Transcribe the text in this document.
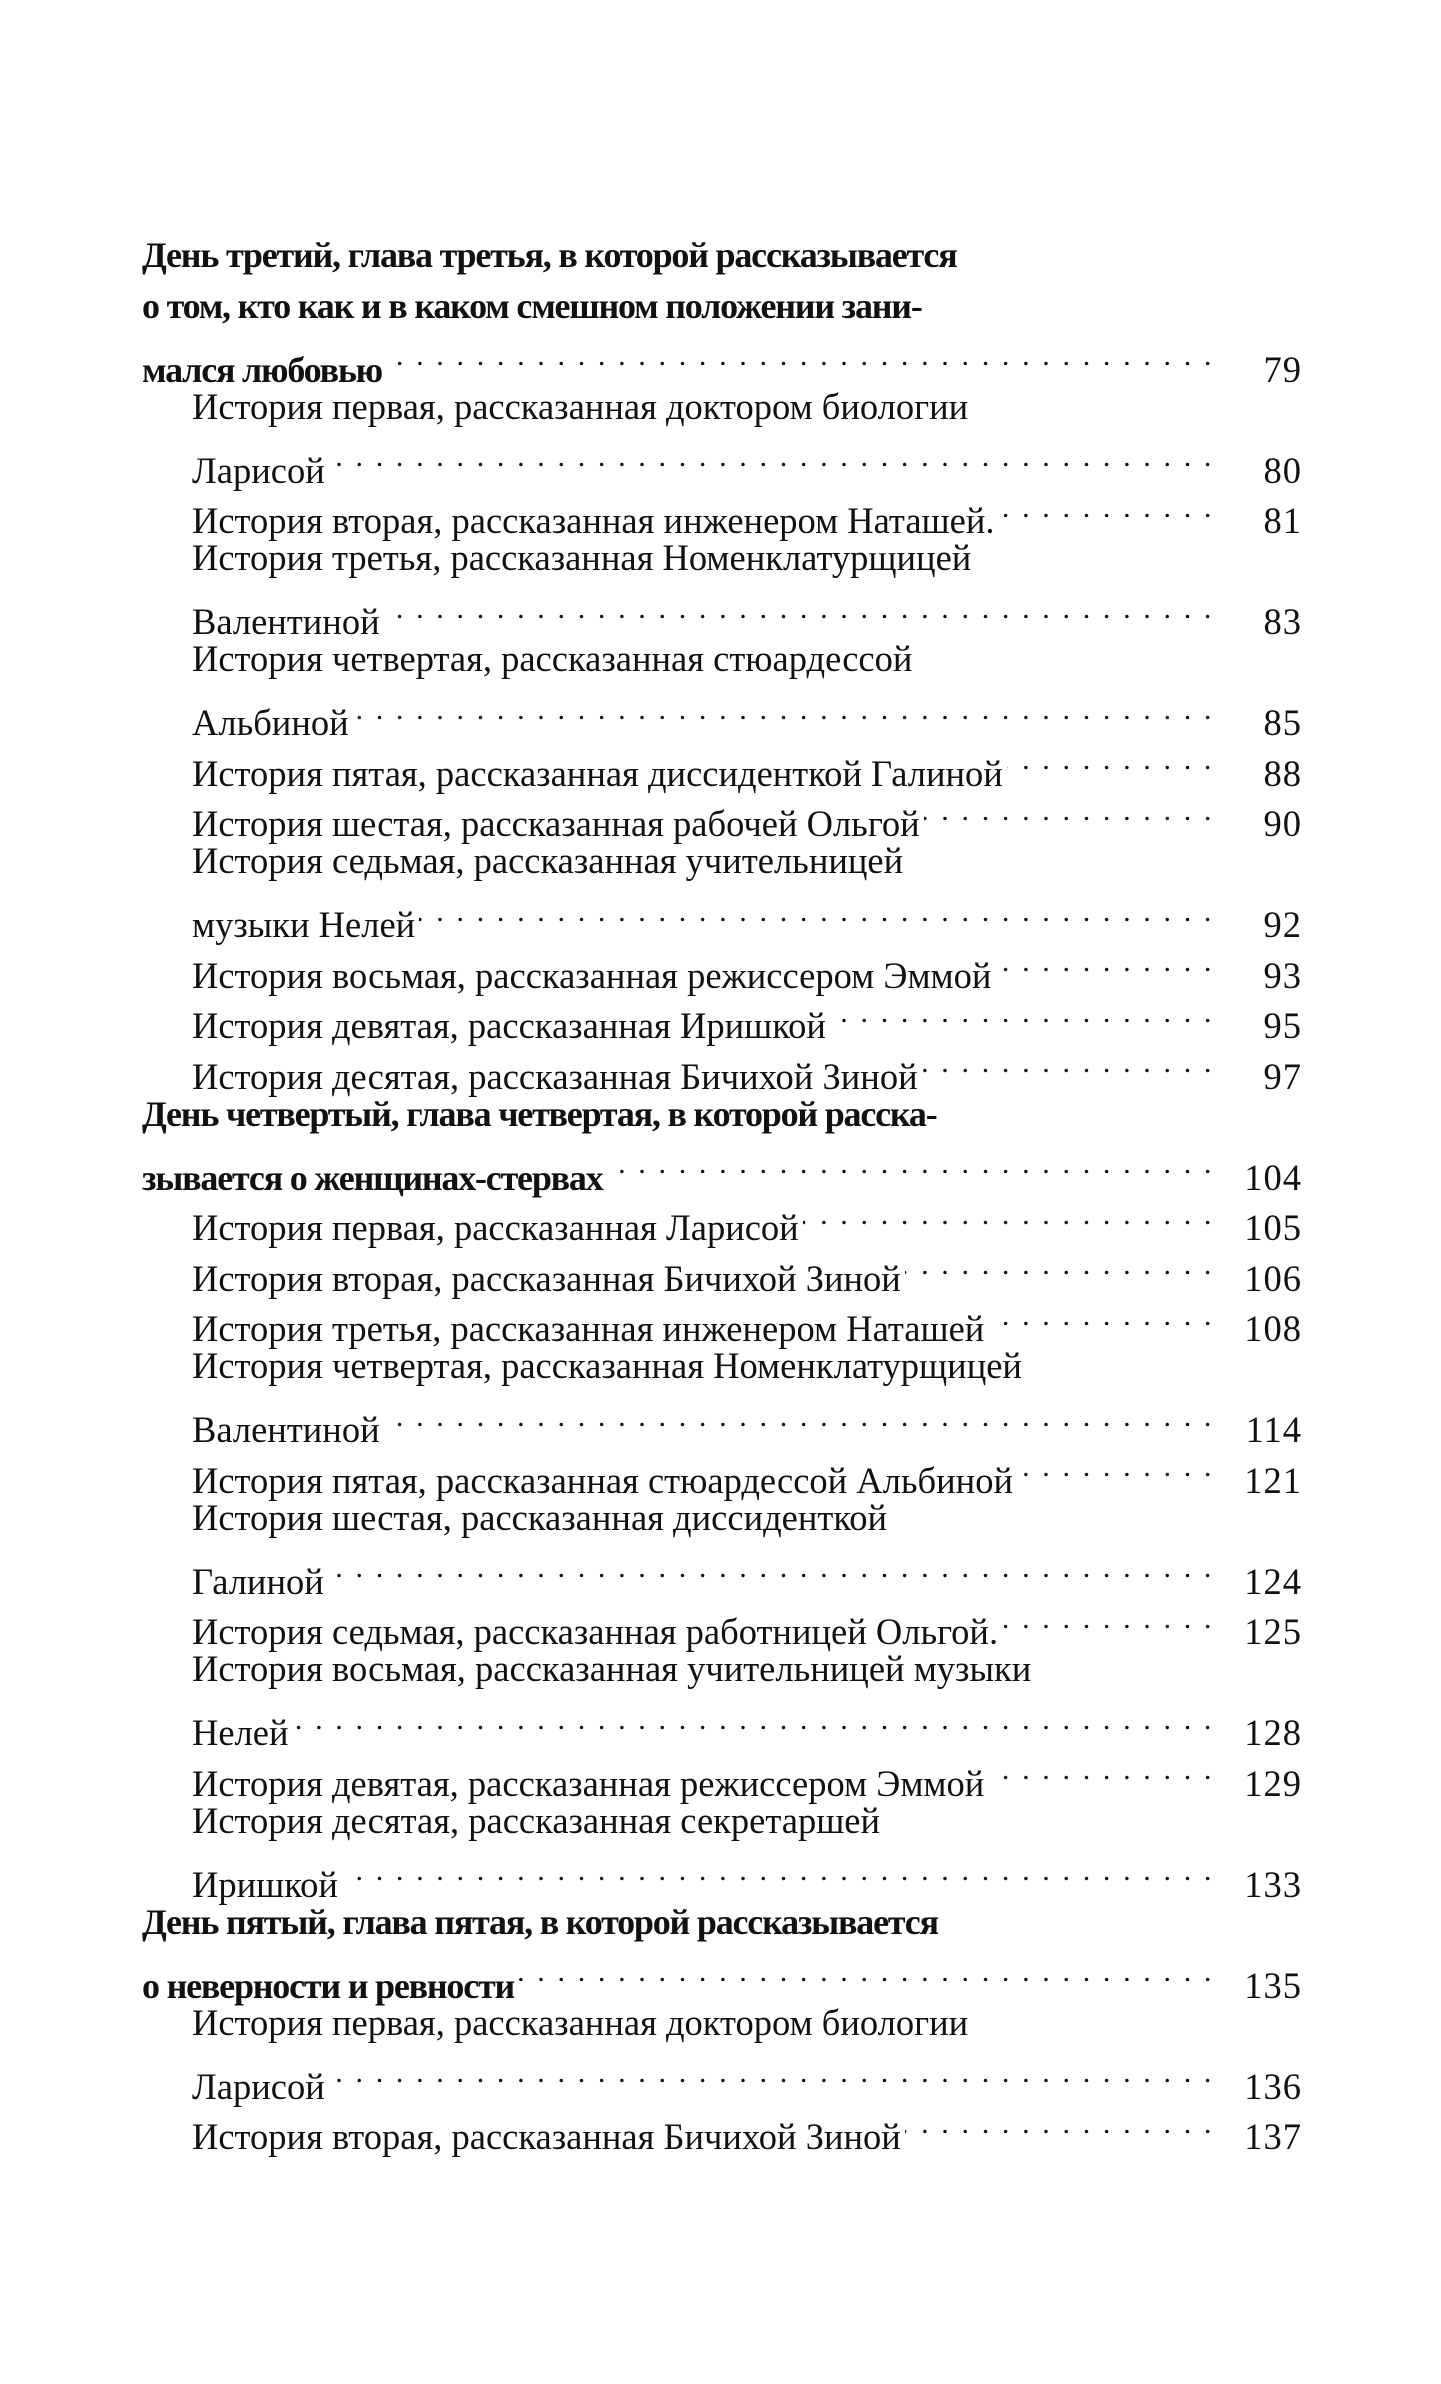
День третий, глава третья, в которой рассказывается
о том, кто как и в каком смешном положении зани-
мался любовью . . .	79
История первая, рассказанная доктором биологии
Ларисой . . .	80
История вторая, рассказанная инженером Наташей. . . .	81
История третья, рассказанная Номенклатурщицей
Валентиной . . .	83
История четвертая, рассказанная стюардессой
Альбиной . . .	85
История пятая, рассказанная диссиденткой Галиной . . .	88
История шестая, рассказанная рабочей Ольгой . . .	90
История седьмая, рассказанная учительницей
музыки Нелей . . .	92
История восьмая, рассказанная режиссером Эммой . . .	93
История девятая, рассказанная Иришкой . . .	95
История десятая, рассказанная Бичихой Зиной . . .	97
День четвертый, глава четвертая, в которой расска-
зывается о женщинах-стервах . . .	104
История первая, рассказанная Ларисой . . .	105
История вторая, рассказанная Бичихой Зиной . . .	106
История третья, рассказанная инженером Наташей . . .	108
История четвертая, рассказанная Номенклатурщицей
Валентиной . . .	114
История пятая, рассказанная стюардессой Альбиной . . .	121
История шестая, рассказанная диссиденткой
Галиной . . .	124
История седьмая, рассказанная работницей Ольгой. . . .	125
История восьмая, рассказанная учительницей музыки
Нелей . . .	128
История девятая, рассказанная режиссером Эммой . . .	129
История десятая, рассказанная секретаршей
Иришкой . . .	133
День пятый, глава пятая, в которой рассказывается
о неверности и ревности . . .	135
История первая, рассказанная доктором биологии
Ларисой . . .	136
История вторая, рассказанная Бичихой Зиной . . .	137
